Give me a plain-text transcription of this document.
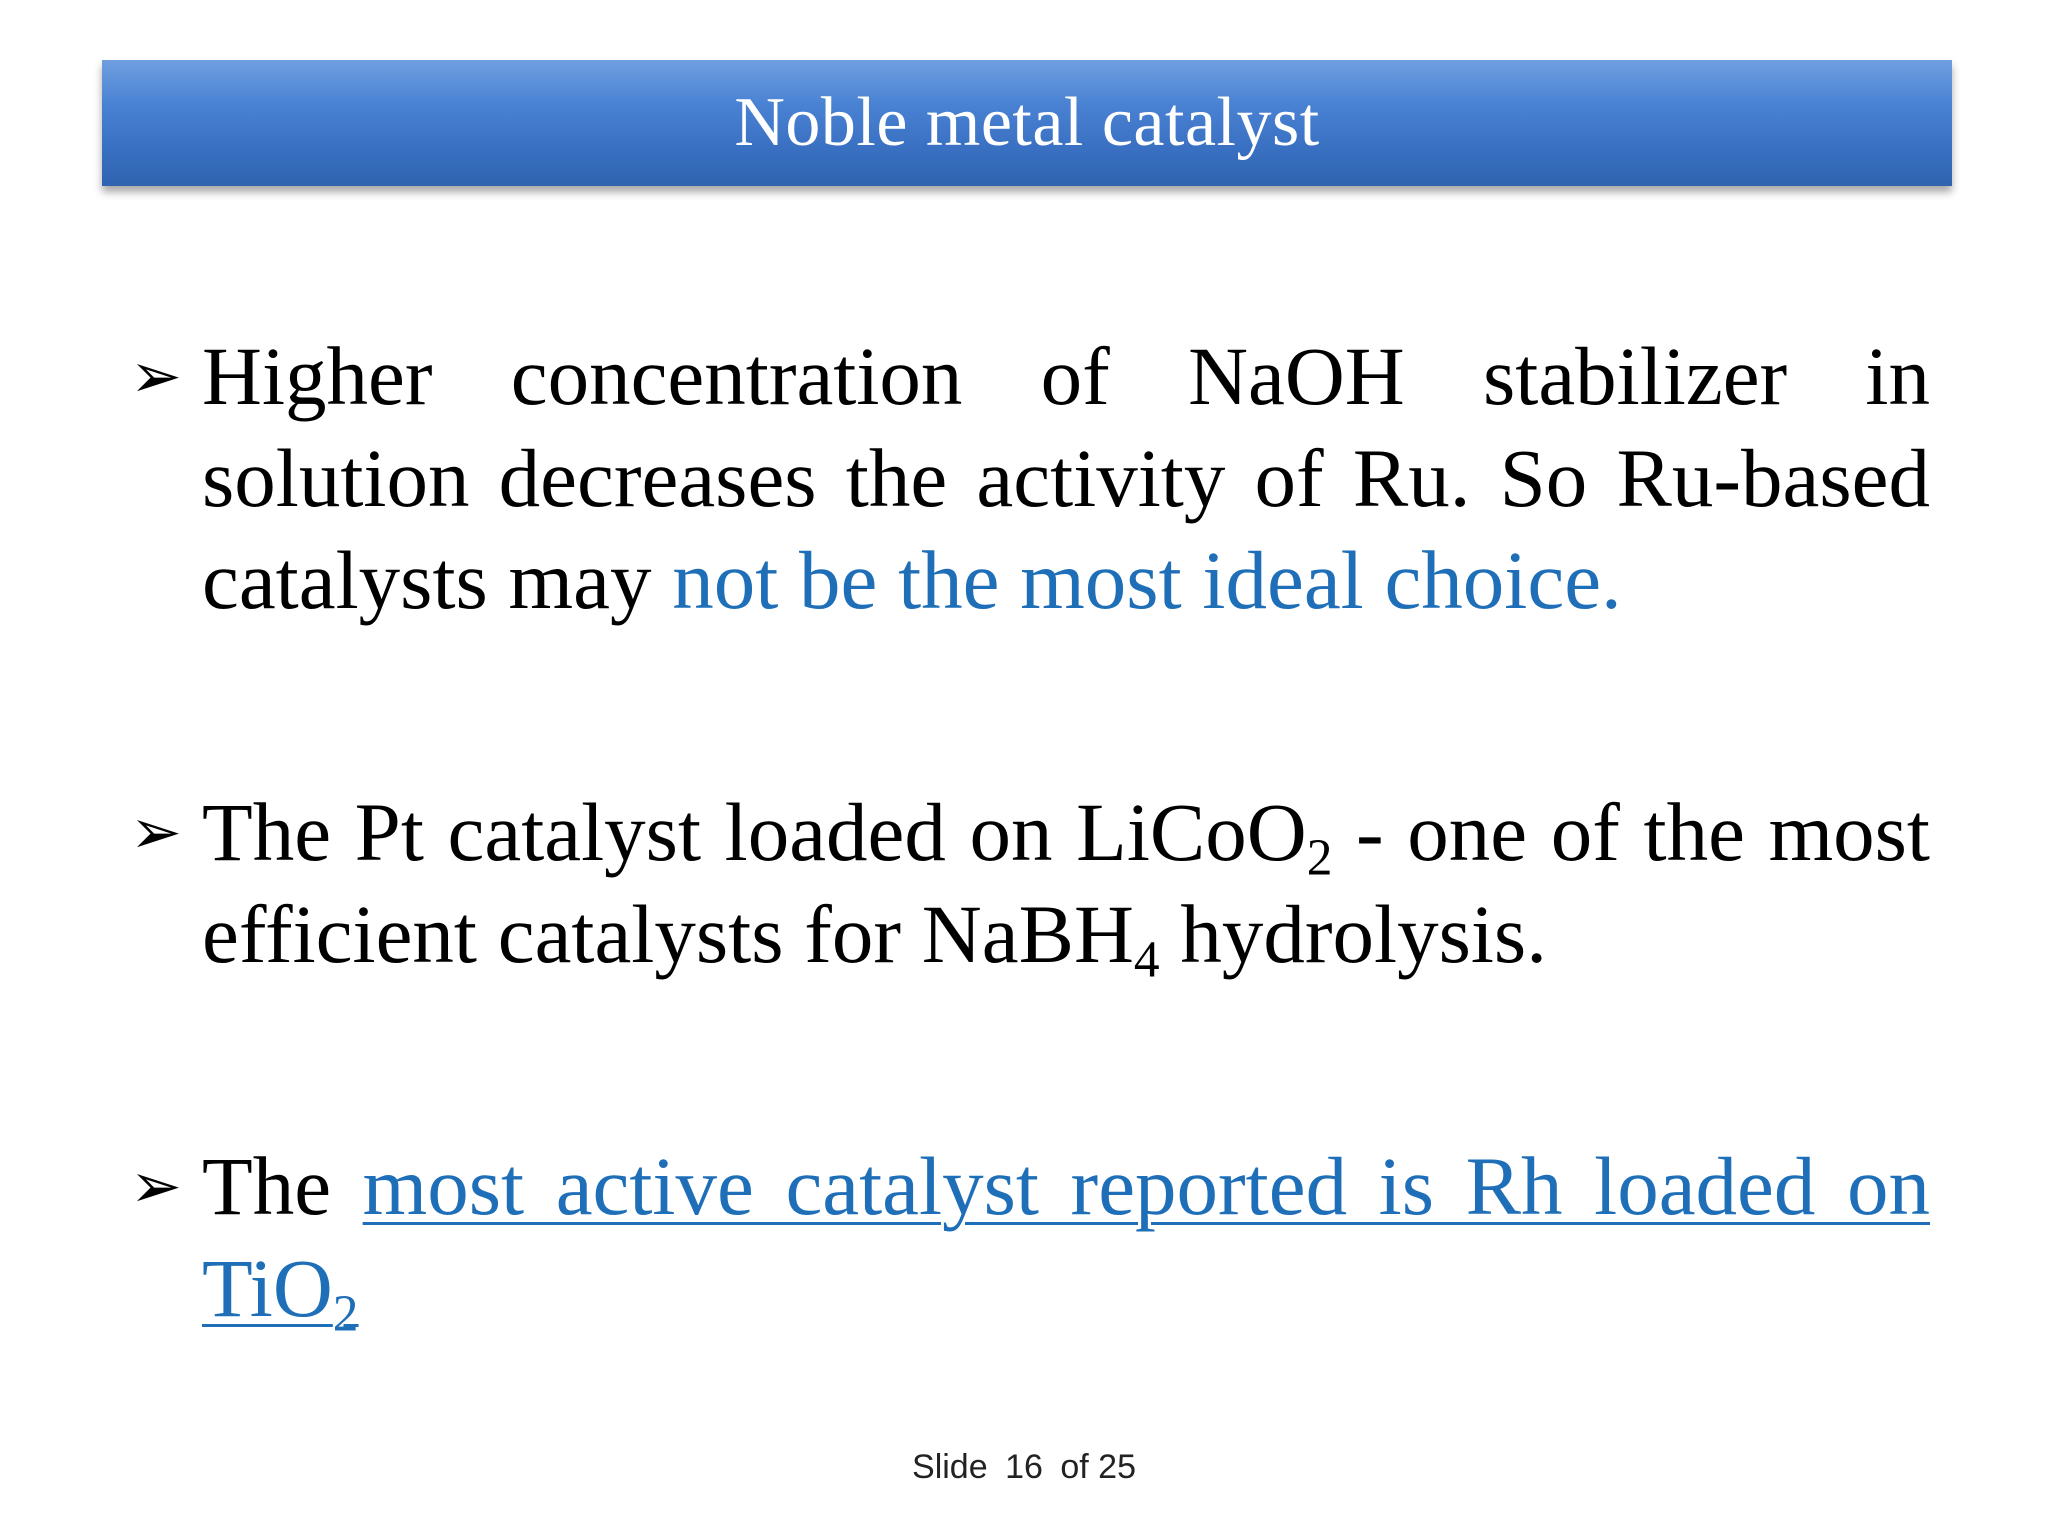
Noble metal catalyst
➢ Higher concentration of NaOH stabilizer in solution decreases the activity of Ru. So Ru-based catalysts may not be the most ideal choice.
➢ The Pt catalyst loaded on LiCoO$_2$ - one of the most efficient catalysts for NaBH$_4$ hydrolysis.
➢ The most active catalyst reported is Rh loaded on TiO$_2$
Slide 16 of 25
